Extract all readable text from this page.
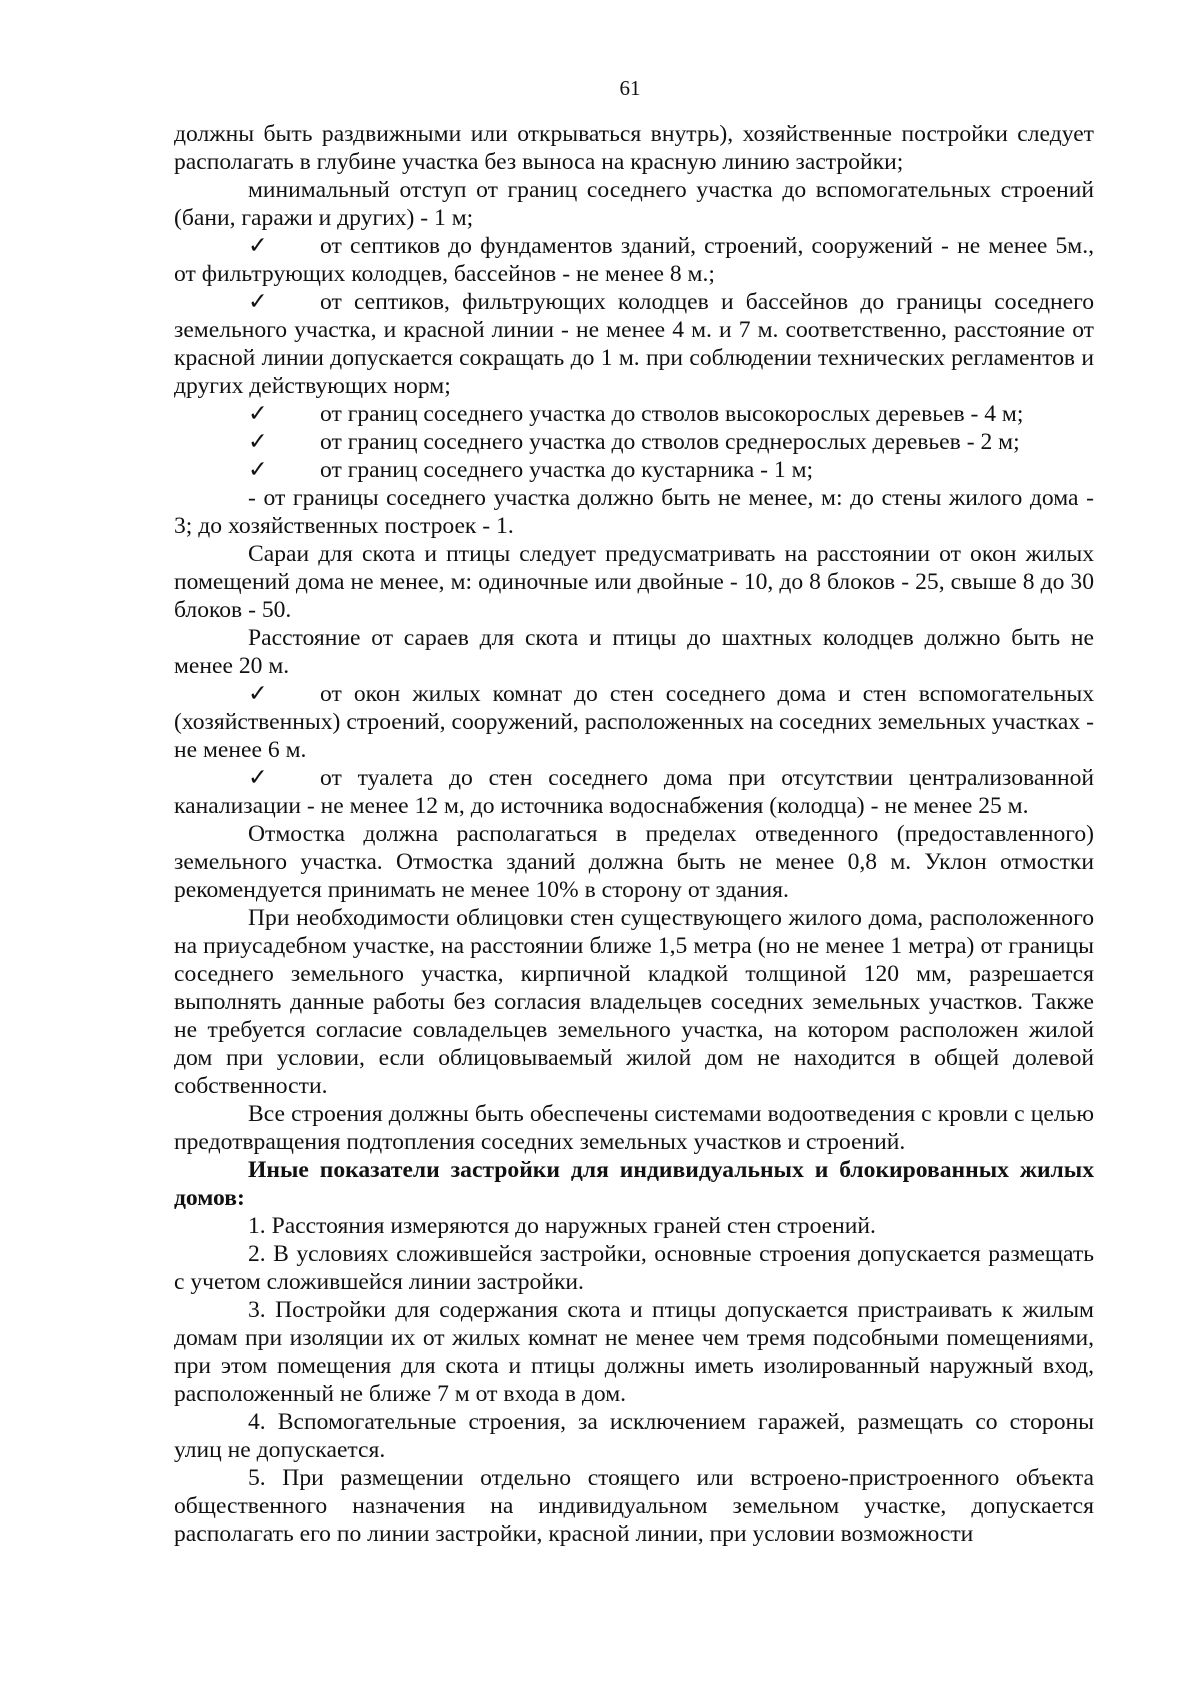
61

должны быть раздвижными или открываться внутрь), хозяйственные постройки следует располагать в глубине участка без выноса на красную линию застройки;

минимальный отступ от границ соседнего участка до вспомогательных строений (бани, гаражи и других) - 1 м;

✓ от септиков до фундаментов зданий, строений, сооружений - не менее 5м., от фильтрующих колодцев, бассейнов - не менее 8 м.;

✓ от септиков, фильтрующих колодцев и бассейнов до границы соседнего земельного участка, и красной линии - не менее 4 м. и 7 м. соответственно, расстояние от красной линии допускается сокращать до 1 м. при соблюдении технических регламентов и других действующих норм;

✓ от границ соседнего участка до стволов высокорослых деревьев - 4 м;

✓ от границ соседнего участка до стволов среднерослых деревьев - 2 м;

✓ от границ соседнего участка до кустарника - 1 м;

- от границы соседнего участка должно быть не менее, м: до стены жилого дома - 3; до хозяйственных построек - 1.

Сараи для скота и птицы следует предусматривать на расстоянии от окон жилых помещений дома не менее, м: одиночные или двойные - 10, до 8 блоков - 25, свыше 8 до 30 блоков - 50.

Расстояние от сараев для скота и птицы до шахтных колодцев должно быть не менее 20 м.

✓ от окон жилых комнат до стен соседнего дома и стен вспомогательных (хозяйственных) строений, сооружений, расположенных на соседних земельных участках - не менее 6 м.

✓ от туалета до стен соседнего дома при отсутствии централизованной канализации - не менее 12 м, до источника водоснабжения (колодца) - не менее 25 м.

Отмостка должна располагаться в пределах отведенного (предоставленного) земельного участка. Отмостка зданий должна быть не менее 0,8 м. Уклон отмостки рекомендуется принимать не менее 10% в сторону от здания.

При необходимости облицовки стен существующего жилого дома, расположенного на приусадебном участке, на расстоянии ближе 1,5 метра (но не менее 1 метра) от границы соседнего земельного участка, кирпичной кладкой толщиной 120 мм, разрешается выполнять данные работы без согласия владельцев соседних земельных участков. Также не требуется согласие совладельцев земельного участка, на котором расположен жилой дом при условии, если облицовываемый жилой дом не находится в общей долевой собственности.

Все строения должны быть обеспечены системами водоотведения с кровли с целью предотвращения подтопления соседних земельных участков и строений.

Иные показатели застройки для индивидуальных и блокированных жилых домов:

1. Расстояния измеряются до наружных граней стен строений.

2. В условиях сложившейся застройки, основные строения допускается размещать с учетом сложившейся линии застройки.

3. Постройки для содержания скота и птицы допускается пристраивать к жилым домам при изоляции их от жилых комнат не менее чем тремя подсобными помещениями, при этом помещения для скота и птицы должны иметь изолированный наружный вход, расположенный не ближе 7 м от входа в дом.

4. Вспомогательные строения, за исключением гаражей, размещать со стороны улиц не допускается.

5. При размещении отдельно стоящего или встроено-пристроенного объекта общественного назначения на индивидуальном земельном участке, допускается располагать его по линии застройки, красной линии, при условии возможности
